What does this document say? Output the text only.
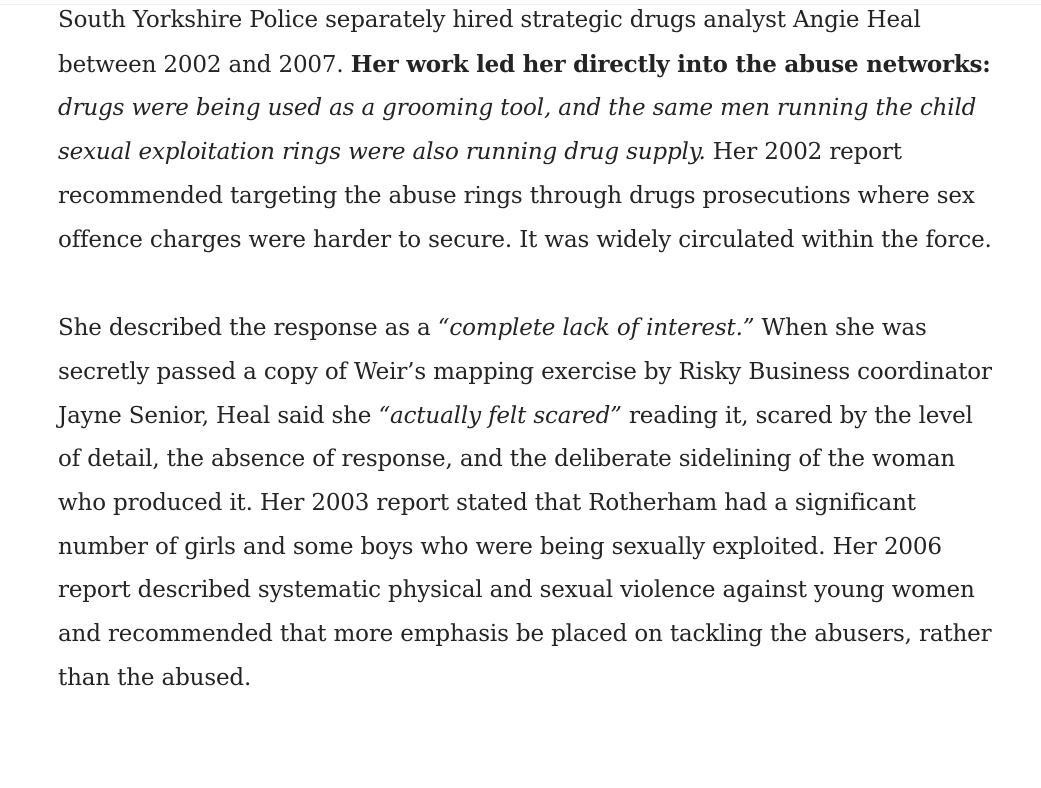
South Yorkshire Police separately hired strategic drugs analyst Angie Heal between 2002 and 2007. Her work led her directly into the abuse networks: drugs were being used as a grooming tool, and the same men running the child sexual exploitation rings were also running drug supply. Her 2002 report recommended targeting the abuse rings through drugs prosecutions where sex offence charges were harder to secure. It was widely circulated within the force.

She described the response as a “complete lack of interest.” When she was secretly passed a copy of Weir’s mapping exercise by Risky Business coordinator Jayne Senior, Heal said she “actually felt scared” reading it, scared by the level of detail, the absence of response, and the deliberate sidelining of the woman who produced it. Her 2003 report stated that Rotherham had a significant number of girls and some boys who were being sexually exploited. Her 2006 report described systematic physical and sexual violence against young women and recommended that more emphasis be placed on tackling the abusers, rather than the abused.
